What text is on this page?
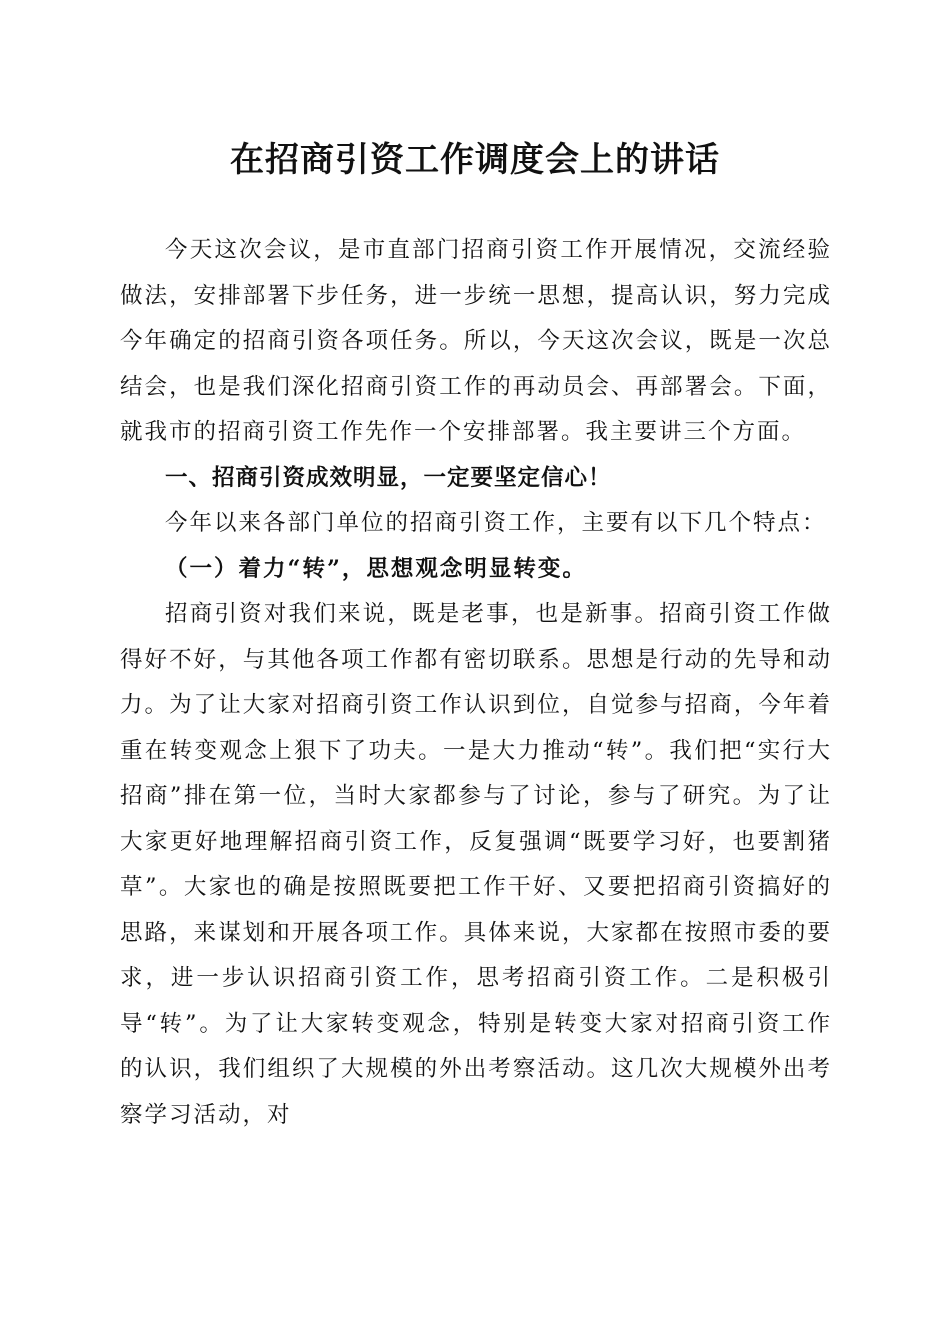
在招商引资工作调度会上的讲话

今天这次会议，是市直部门招商引资工作开展情况，交流经验做法，安排部署下步任务，进一步统一思想，提高认识，努力完成今年确定的招商引资各项任务。所以，今天这次会议，既是一次总结会，也是我们深化招商引资工作的再动员会、再部署会。下面，就我市的招商引资工作先作一个安排部署。我主要讲三个方面。

一、招商引资成效明显，一定要坚定信心！

今年以来各部门单位的招商引资工作，主要有以下几个特点：

（一）着力“转”，思想观念明显转变。

招商引资对我们来说，既是老事，也是新事。招商引资工作做得好不好，与其他各项工作都有密切联系。思想是行动的先导和动力。为了让大家对招商引资工作认识到位，自觉参与招商，今年着重在转变观念上狠下了功夫。一是大力推动“转”。我们把“实行大招商”排在第一位，当时大家都参与了讨论，参与了研究。为了让大家更好地理解招商引资工作，反复强调“既要学习好，也要割猪草”。大家也的确是按照既要把工作干好、又要把招商引资搞好的思路，来谋划和开展各项工作。具体来说，大家都在按照市委的要求，进一步认识招商引资工作，思考招商引资工作。二是积极引导“转”。为了让大家转变观念，特别是转变大家对招商引资工作的认识，我们组织了大规模的外出考察活动。这几次大规模外出考察学习活动，对
